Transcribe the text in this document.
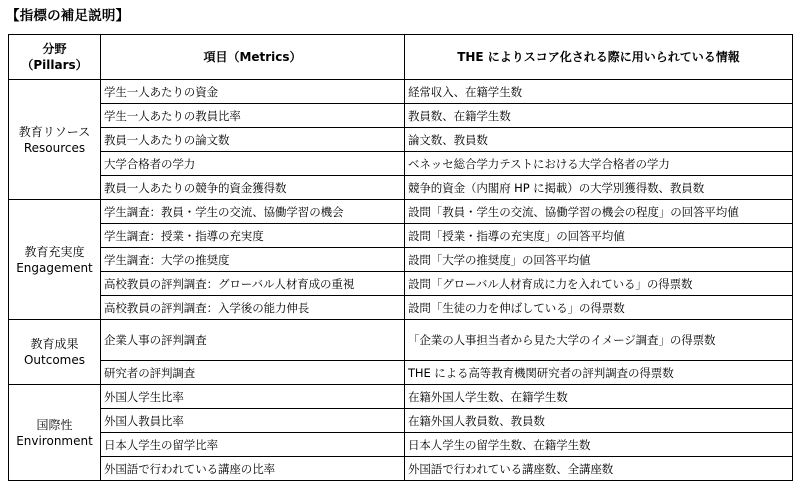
【指標の補足説明】
分野
（Pillars）	項目（Metrics）	THE によりスコア化される際に用いられている情報

教育リソース
Resources	学生一人あたりの資金	経常収入、在籍学生数
	学生一人あたりの教員比率	教員数、在籍学生数
	教員一人あたりの論文数	論文数、教員数
	大学合格者の学力	ベネッセ総合学力テストにおける大学合格者の学力
	教員一人あたりの競争的資金獲得数	競争的資金（内閣府 HP に掲載）の大学別獲得数、教員数

教育充実度
Engagement	学生調査：教員・学生の交流、協働学習の機会	設問「教員・学生の交流、協働学習の機会の程度」の回答平均値
	学生調査：授業・指導の充実度	設問「授業・指導の充実度」の回答平均値
	学生調査：大学の推奨度	設問「大学の推奨度」の回答平均値
	高校教員の評判調査：グローバル人材育成の重視	設問「グローバル人材育成に力を入れている」の得票数
	高校教員の評判調査：入学後の能力伸長	設問「生徒の力を伸ばしている」の得票数

教育成果
Outcomes	企業人事の評判調査	「企業の人事担当者から見た大学のイメージ調査」の得票数
	研究者の評判調査	THE による高等教育機関研究者の評判調査の得票数

国際性
Environment	外国人学生比率	在籍外国人学生数、在籍学生数
	外国人教員比率	在籍外国人教員数、教員数
	日本人学生の留学比率	日本人学生の留学生数、在籍学生数
	外国語で行われている講座の比率	外国語で行われている講座数、全講座数
